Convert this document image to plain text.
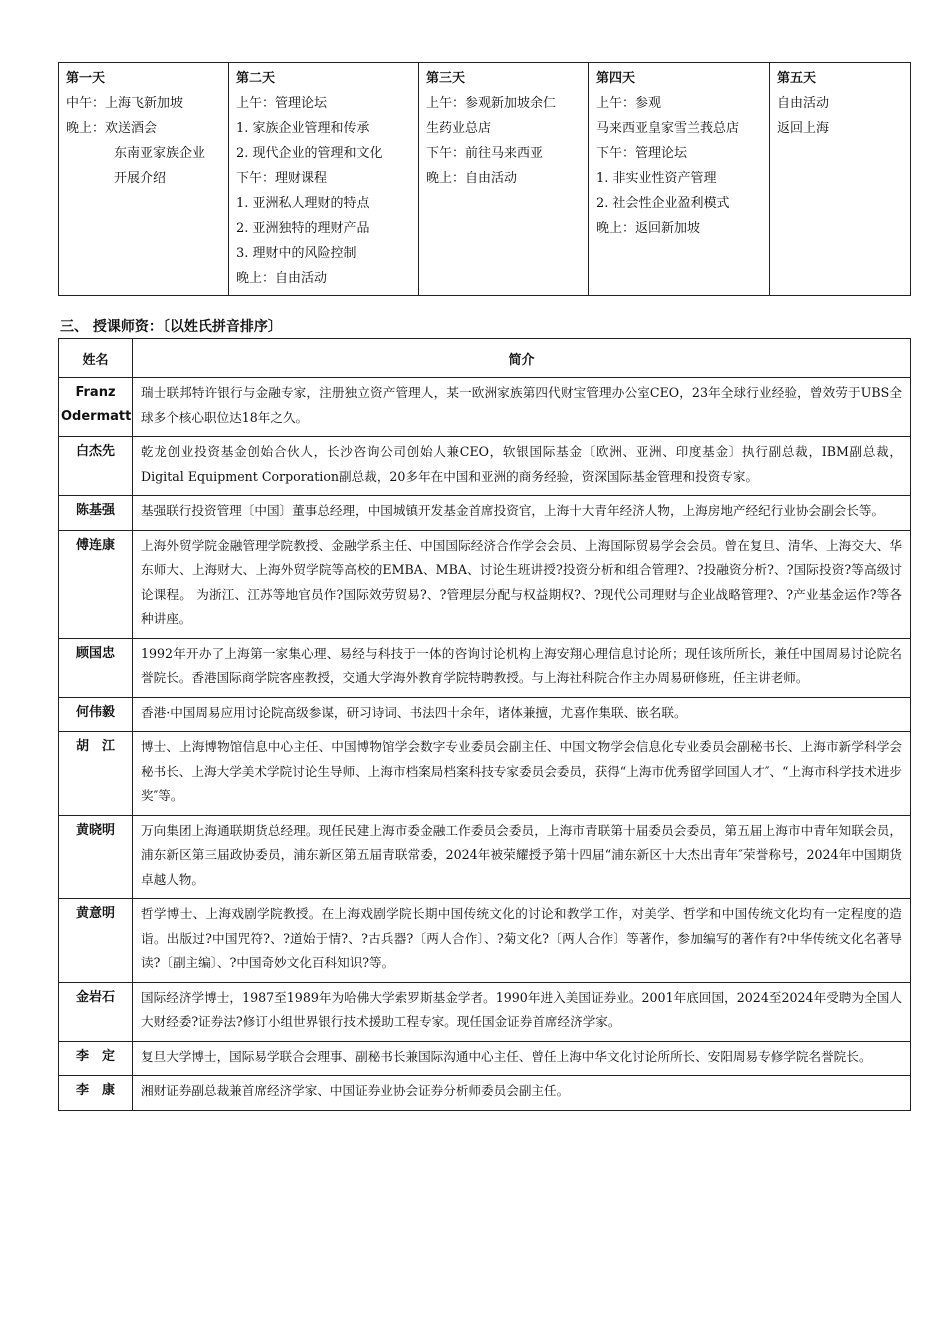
第一天
中午：上海飞新加坡
晚上：欢送酒会
东南亚家族企业
开展介绍

第二天
上午：管理论坛
1. 家族企业管理和传承
2. 现代企业的管理和文化
下午：理财课程
1. 亚洲私人理财的特点
2. 亚洲独特的理财产品
3. 理财中的风险控制
晚上：自由活动

第三天
上午：参观新加坡余仁
生药业总店
下午：前往马来西亚
晚上：自由活动

第四天
上午：参观
马来西亚皇家雪兰莪总店
下午：管理论坛
1. 非实业性资产管理
2. 社会性企业盈利模式
晚上：返回新加坡

第五天
自由活动
返回上海
三、 授课师资：〔以姓氏拼音排序〕
姓名	简介
Franz Odermatt	瑞士联邦特许银行与金融专家，注册独立资产管理人，某一欧洲家族第四代财宝管理办公室CEO，23年全球行业经验，曾效劳于UBS全球多个核心职位达18年之久。
白杰先	乾龙创业投资基金创始合伙人，长沙咨询公司创始人兼CEO，软银国际基金〔欧洲、亚洲、印度基金〕执行副总裁，IBM副总裁，Digital Equipment Corporation副总裁，20多年在中国和亚洲的商务经验，资深国际基金管理和投资专家。
陈基强	基强联行投资管理〔中国〕董事总经理，中国城镇开发基金首席投资官，上海十大青年经济人物，上海房地产经纪行业协会副会长等。
傅连康	上海外贸学院金融管理学院教授、金融学系主任、中国国际经济合作学会会员、上海国际贸易学会会员。曾在复旦、清华、上海交大、华东师大、上海财大、上海外贸学院等高校的EMBA、MBA、讨论生班讲授?投资分析和组合管理?、?投融资分析?、?国际投资?等高级讨论课程。 为浙江、江苏等地官员作?国际效劳贸易?、?管理层分配与权益期权?、?现代公司理财与企业战略管理?、?产业基金运作?等各种讲座。
顾国忠	1992年开办了上海第一家集心理、易经与科技于一体的咨询讨论机构上海安翔心理信息讨论所；现任该所所长，兼任中国周易讨论院名誉院长。香港国际商学院客座教授，交通大学海外教育学院特聘教授。与上海社科院合作主办周易研修班，任主讲老师。
何伟毅	香港·中国周易应用讨论院高级参谋，研习诗词、书法四十余年，诸体兼擅，尤喜作集联、嵌名联。
胡　江	博士、上海博物馆信息中心主任、中国博物馆学会数字专业委员会副主任、中国文物学会信息化专业委员会副秘书长、上海市新学科学会秘书长、上海大学美术学院讨论生导师、上海市档案局档案科技专家委员会委员，获得“上海市优秀留学回国人才″、“上海市科学技术进步奖″等。
黄晓明	万向集团上海通联期货总经理。现任民建上海市委金融工作委员会委员，上海市青联第十届委员会委员，第五届上海市中青年知联会员，浦东新区第三届政协委员，浦东新区第五届青联常委，2024年被荣耀授予第十四届“浦东新区十大杰出青年″荣誉称号，2024年中国期货卓越人物。
黄意明	哲学博士、上海戏剧学院教授。在上海戏剧学院长期中国传统文化的讨论和教学工作，对美学、哲学和中国传统文化均有一定程度的造诣。出版过?中国咒符?、?道始于情?、?古兵器?〔两人合作〕、?菊文化?〔两人合作〕等著作，参加编写的著作有?中华传统文化名著导读?〔副主编〕、?中国奇妙文化百科知识?等。
金岩石	国际经济学博士，1987至1989年为哈佛大学索罗斯基金学者。1990年进入美国证券业。2001年底回国，2024至2024年受聘为全国人大财经委?证券法?修订小组世界银行技术援助工程专家。现任国金证券首席经济学家。
李　定	复旦大学博士，国际易学联合会理事、副秘书长兼国际沟通中心主任、曾任上海中华文化讨论所所长、安阳周易专修学院名誉院长。
李　康	湘财证券副总裁兼首席经济学家、中国证券业协会证券分析师委员会副主任。
